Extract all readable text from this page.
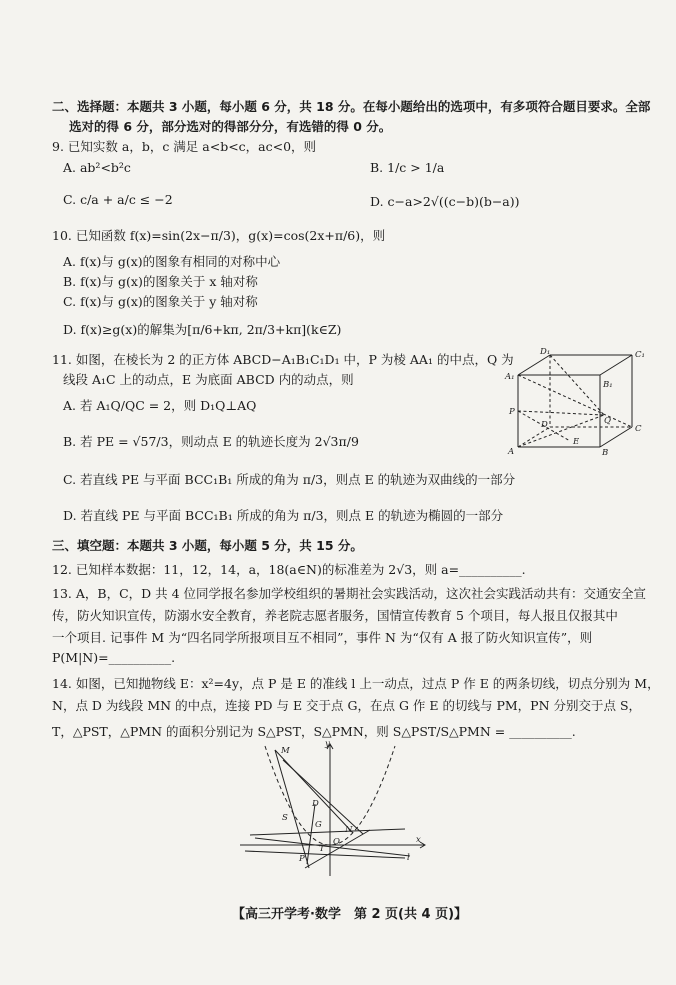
二、选择题：本题共 3 小题，每小题 6 分，共 18 分。在每小题给出的选项中，有多项符合题目要求。全部
选对的得 6 分，部分选对的得部分分，有选错的得 0 分。
9. 已知实数 a，b，c 满足 a<b<c，ac<0，则
A. ab²<b²c	B. 1/c > 1/a
C. c/a + a/c ≤ −2	D. c−a>2√((c−b)(b−a))
10. 已知函数 f(x)=sin(2x−π/3)，g(x)=cos(2x+π/6)，则
A. f(x)与 g(x)的图象有相同的对称中心
B. f(x)与 g(x)的图象关于 x 轴对称
C. f(x)与 g(x)的图象关于 y 轴对称
D. f(x)≥g(x)的解集为[π/6+kπ, 2π/3+kπ](k∈Z)
11. 如图，在棱长为 2 的正方体 ABCD−A₁B₁C₁D₁ 中，P 为棱 AA₁ 的中点，Q 为
线段 A₁C 上的动点，E 为底面 ABCD 内的动点，则
A. 若 A₁Q/QC = 2，则 D₁Q⊥AQ
B. 若 PE = √57/3，则动点 E 的轨迹长度为 2√3π/9
C. 若直线 PE 与平面 BCC₁B₁ 所成的角为 π/3，则点 E 的轨迹为双曲线的一部分
D. 若直线 PE 与平面 BCC₁B₁ 所成的角为 π/3，则点 E 的轨迹为椭圆的一部分
D₁	C₁
A₁
B₁
P
D	Q
C
E
A	B
三、填空题：本题共 3 小题，每小题 5 分，共 15 分。
12. 已知样本数据：11，12，14，a，18(a∈N)的标准差为 2√3，则 a=__________.
13. A，B，C，D 共 4 位同学报名参加学校组织的暑期社会实践活动，这次社会实践活动共有：交通安全宣
传，防火知识宣传，防溺水安全教育，养老院志愿者服务，国情宣传教育 5 个项目，每人报且仅报其中
一个项目. 记事件 M 为“四名同学所报项目互不相同”，事件 N 为“仅有 A 报了防火知识宣传”，则
P(M|N)=__________.
14. 如图，已知抛物线 E：x²=4y，点 P 是 E 的准线 l 上一动点，过点 P 作 E 的两条切线，切点分别为 M，
N，点 D 为线段 MN 的中点，连接 PD 与 E 交于点 G，在点 G 作 E 的切线与 PM，PN 分别交于点 S，
T，△PST，△PMN 的面积分别记为 S△PST，S△PMN，则 S△PST/S△PMN = __________.
y
M
D
S
G	N
O
T
P
x
l
【高三开学考·数学　第 2 页(共 4 页)】
